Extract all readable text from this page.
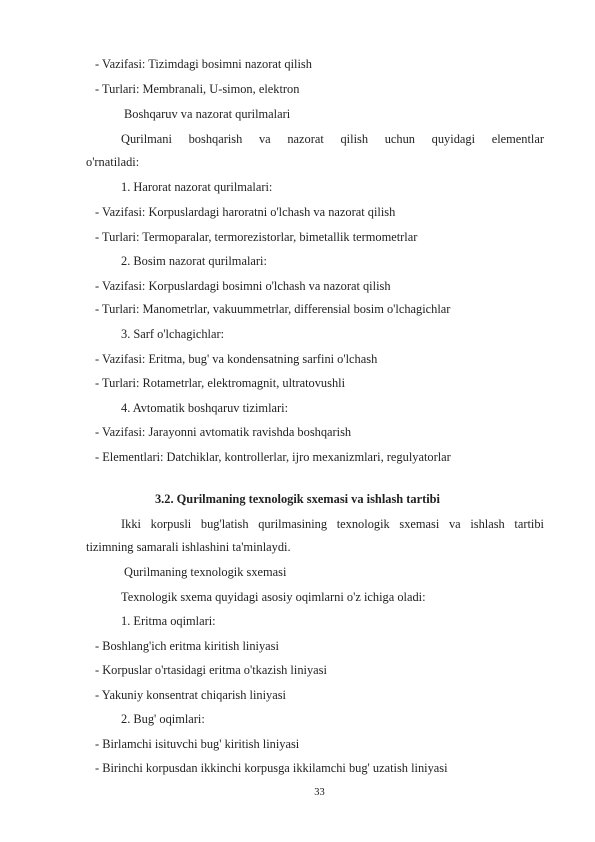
- Vazifasi: Tizimdagi bosimni nazorat qilish
- Turlari: Membranali, U-simon, elektron
Boshqaruv va nazorat qurilmalari
Qurilmani boshqarish va nazorat qilish uchun quyidagi elementlar
o'rnatiladi:
1. Harorat nazorat qurilmalari:
- Vazifasi: Korpuslardagi haroratni o'lchash va nazorat qilish
- Turlari: Termoparalar, termorezistorlar, bimetallik termometrlar
2. Bosim nazorat qurilmalari:
- Vazifasi: Korpuslardagi bosimni o'lchash va nazorat qilish
- Turlari: Manometrlar, vakuummetrlar, differensial bosim o'lchagichlar
3. Sarf o'lchagichlar:
- Vazifasi: Eritma, bug' va kondensatning sarfini o'lchash
- Turlari: Rotametrlar, elektromagnit, ultratovushli
4. Avtomatik boshqaruv tizimlari:
- Vazifasi: Jarayonni avtomatik ravishda boshqarish
- Elementlari: Datchiklar, kontrollerlar, ijro mexanizmlari, regulyatorlar
3.2. Qurilmaning texnologik sxemasi va ishlash tartibi
Ikki korpusli bug'latish qurilmasining texnologik sxemasi va ishlash tartibi
tizimning samarali ishlashini ta'minlaydi.
Qurilmaning texnologik sxemasi
Texnologik sxema quyidagi asosiy oqimlarni o'z ichiga oladi:
1. Eritma oqimlari:
- Boshlang'ich eritma kiritish liniyasi
- Korpuslar o'rtasidagi eritma o'tkazish liniyasi
- Yakuniy konsentrat chiqarish liniyasi
2. Bug' oqimlari:
- Birlamchi isituvchi bug' kiritish liniyasi
- Birinchi korpusdan ikkinchi korpusga ikkilamchi bug' uzatish liniyasi
33
